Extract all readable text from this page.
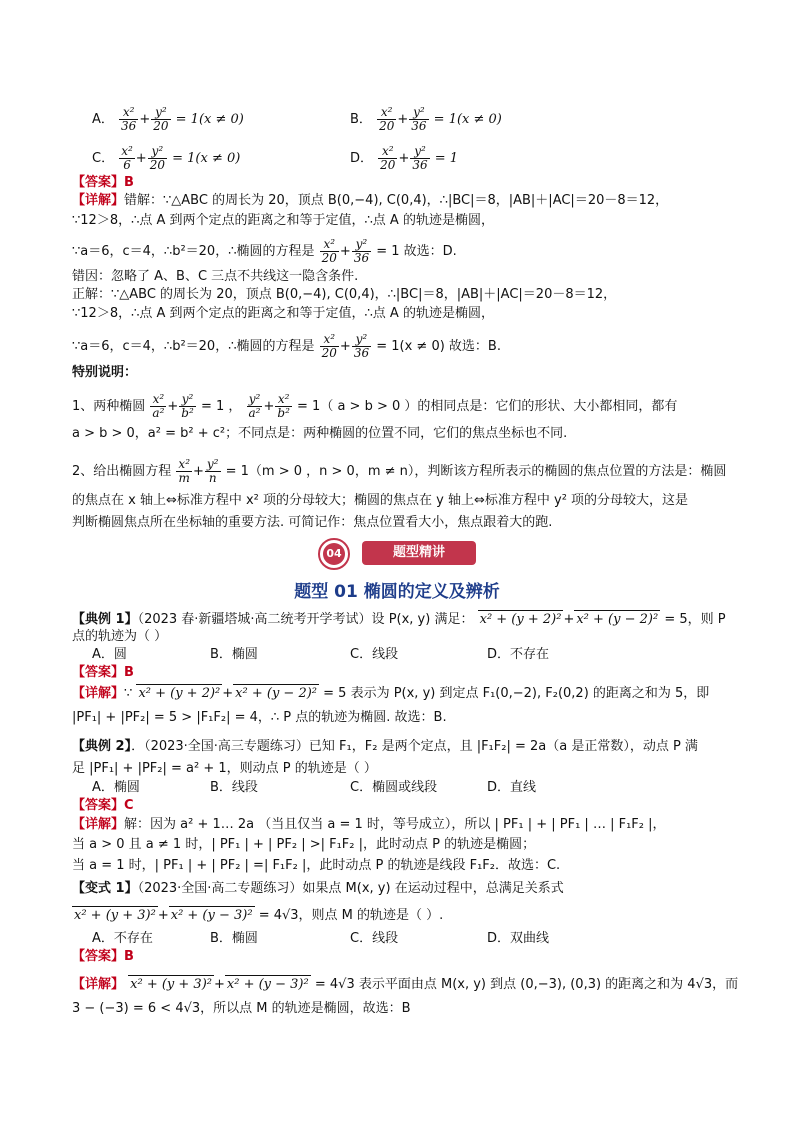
A． $\frac{\text{x²}}{36} + \frac{\text{y²}}{20} = 1(x \ne 0)$	B． $\frac{\text{x²}}{20} + \frac{\text{y²}}{36} = 1(x \ne 0)$
C． $\frac{\text{x²}}{6} + \frac{\text{y²}}{20} = 1(x \ne 0)$	D． $\frac{\text{x²}}{20} + \frac{\text{y²}}{36} = 1$
【答案】B
【详解】错解：∵△ABC 的周长为 20，顶点 B(0,−4), C(0,4)，∴|BC|＝8，|AB|＋|AC|＝20－8＝12，
∵12＞8，∴点 A 到两个定点的距离之和等于定值，∴点 A 的轨迹是椭圆，
∵a＝6，c＝4，∴b²＝20，∴椭圆的方程是 $\frac{\text{x²}}{20} + \frac{\text{y²}}{36} = 1$ 故选：D.
错因：忽略了 A、B、C 三点不共线这一隐含条件.
正解：∵△ABC 的周长为 20，顶点 B(0,−4), C(0,4)，∴|BC|＝8，|AB|＋|AC|＝20－8＝12，
∵12＞8，∴点 A 到两个定点的距离之和等于定值，∴点 A 的轨迹是椭圆，
∵a＝6，c＝4，∴b²＝20，∴椭圆的方程是 $\frac{\text{x²}}{20} + \frac{\text{y²}}{36} = 1(x \ne 0)$ 故选：B.
特别说明：
1、两种椭圆 $\frac{\text{x²}}{\text{a²}} + \frac{\text{y²}}{\text{b²}} = 1$ ， $\frac{\text{y²}}{\text{a²}} + \frac{\text{x²}}{\text{b²}} = 1$（ a > b > 0 ）的相同点是：它们的形状、大小都相同，都有
a > b > 0，a² = b² + c²；不同点是：两种椭圆的位置不同，它们的焦点坐标也不同.
2、给出椭圆方程 $\frac{\text{x²}}{m} + \frac{\text{y²}}{n} = 1(m > 0$ ，n > 0，m ≠ n），判断该方程所表示的椭圆的焦点位置的方法是：椭圆
的焦点在 x 轴上⇔标准方程中 x² 项的分母较大；椭圆的焦点在 y 轴上⇔标准方程中 y² 项的分母较大，这是
判断椭圆焦点所在坐标轴的重要方法. 可简记作：焦点位置看大小，焦点跟着大的跑.
04	题型精讲
题型 01 椭圆的定义及辨析
【典例 1】（2023 春·新疆塔城·高二统考开学考试）设 P(x, y) 满足： x² + (y + 2)² + x² + (y − 2)² = 5，则 P
点的轨迹为（ ）
A．圆	B．椭圆	C．线段	D．不存在
【答案】B
【详解】∵ x² + (y + 2)² + x² + (y − 2)² = 5 表示为 P(x, y) 到定点 F₁(0,−2), F₂(0,2) 的距离之和为 5，即
|PF₁| + |PF₂| = 5 > |F₁F₂| = 4，∴ P 点的轨迹为椭圆. 故选：B.
【典例 2】．（2023·全国·高三专题练习）已知 F₁，F₂ 是两个定点，且 |F₁F₂| = 2a（a 是正常数），动点 P 满
足 |PF₁| + |PF₂| = a² + 1，则动点 P 的轨迹是（ ）
A．椭圆	B．线段	C．椭圆或线段	D．直线
【答案】C
【详解】解：因为 a² + 1… 2a （当且仅当 a = 1 时，等号成立），所以 | PF₁ | + | PF₁ | … | F₁F₂ |，
当 a > 0 且 a ≠ 1 时，| PF₁ | + | PF₂ | >| F₁F₂ |，此时动点 P 的轨迹是椭圆；
当 a = 1 时，| PF₁ | + | PF₂ | =| F₁F₂ |，此时动点 P 的轨迹是线段 F₁F₂．故选：C.
【变式 1】（2023·全国·高二专题练习）如果点 M(x, y) 在运动过程中，总满足关系式
x² + (y + 3)² + x² + (y − 3)² = 4√3，则点 M 的轨迹是（ ）.
A．不存在	B．椭圆	C．线段	D．双曲线
【答案】B
【详解】 x² + (y + 3)² + x² + (y − 3)² = 4√3 表示平面由点 M(x, y) 到点 (0,−3), (0,3) 的距离之和为 4√3，而
3 − (−3) = 6 < 4√3，所以点 M 的轨迹是椭圆，故选：B
